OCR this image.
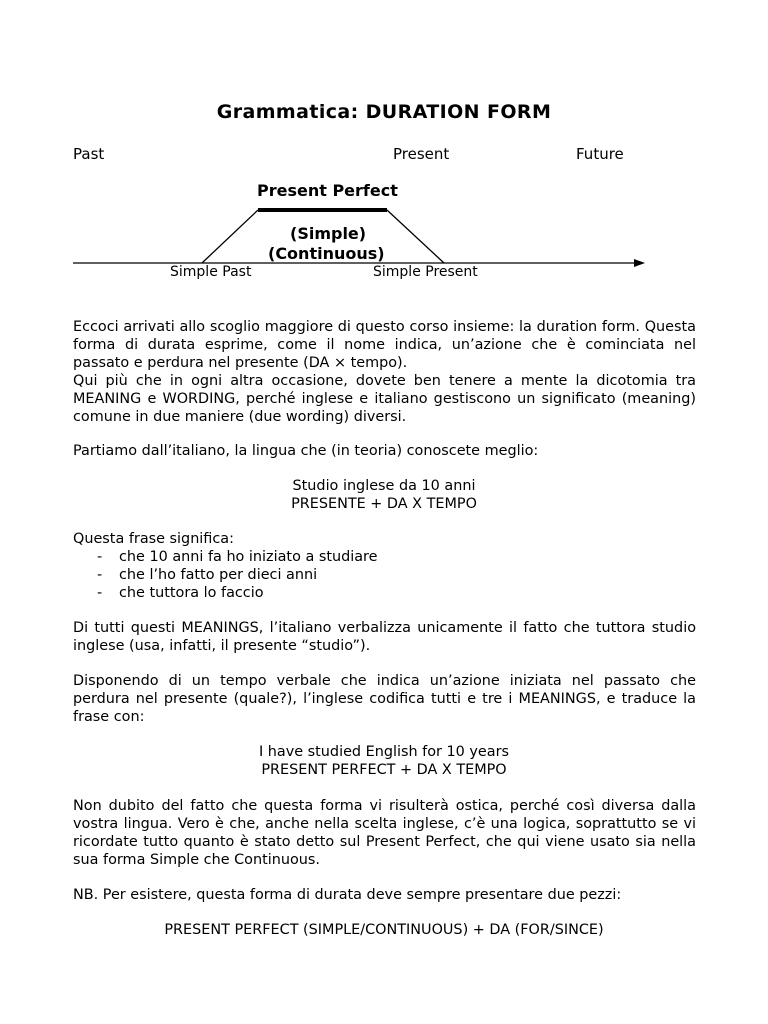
Grammatica: DURATION FORM
Past	Present	Future
Present Perfect
(Simple)
(Continuous)
Simple Past	Simple Present

Eccoci arrivati allo scoglio maggiore di questo corso insieme: la duration form. Questa forma di durata esprime, come il nome indica, un’azione che è cominciata nel passato e perdura nel presente (DA × tempo).

Qui più che in ogni altra occasione, dovete ben tenere a mente la dicotomia tra MEANING e WORDING, perché inglese e italiano gestiscono un significato (meaning) comune in due maniere (due wording) diversi.

Partiamo dall’italiano, la lingua che (in teoria) conoscete meglio:
Studio inglese da 10 anni
PRESENTE + DA X TEMPO

Questa frase significa:

- che 10 anni fa ho iniziato a studiare
- che l’ho fatto per dieci anni
- che tuttora lo faccio
Di tutti questi MEANINGS, l’italiano verbalizza unicamente il fatto che tuttora studio inglese (usa, infatti, il presente “studio”).
Disponendo di un tempo verbale che indica un’azione iniziata nel passato che perdura nel presente (quale?), l’inglese codifica tutti e tre i MEANINGS, e traduce la frase con:
I have studied English for 10 years
PRESENT PERFECT + DA X TEMPO
Non dubito del fatto che questa forma vi risulterà ostica, perché così diversa dalla vostra lingua. Vero è che, anche nella scelta inglese, c’è una logica, soprattutto se vi ricordate tutto quanto è stato detto sul Present Perfect, che qui viene usato sia nella sua forma Simple che Continuous.
NB. Per esistere, questa forma di durata deve sempre presentare due pezzi:
PRESENT PERFECT (SIMPLE/CONTINUOUS) + DA (FOR/SINCE)
